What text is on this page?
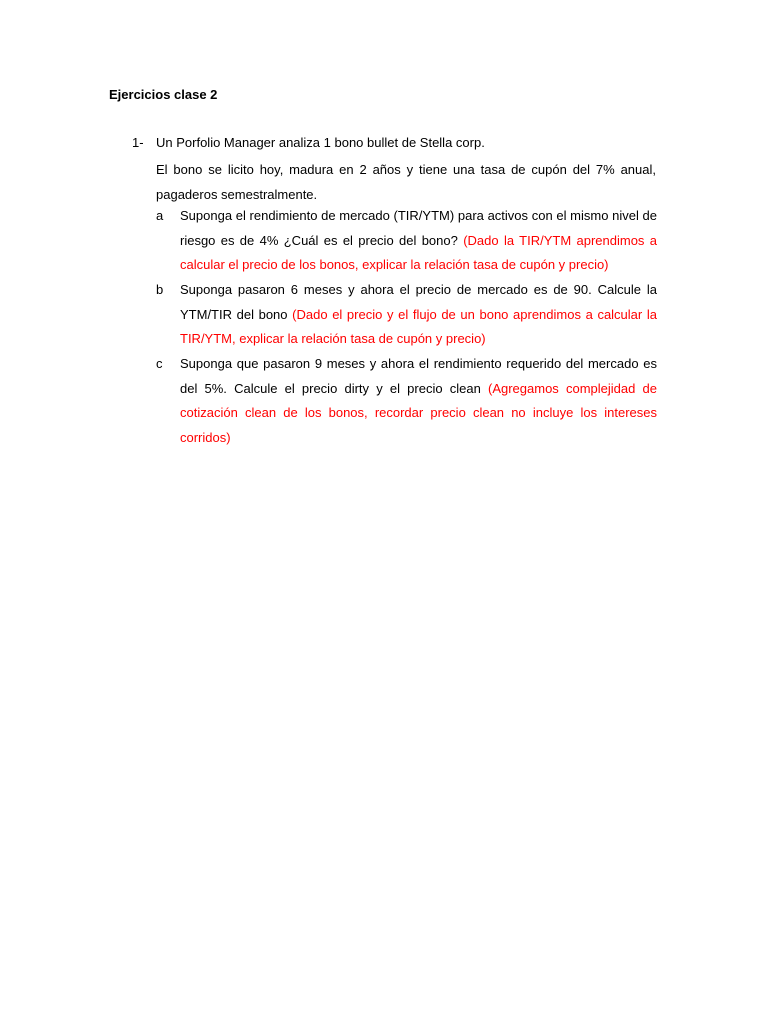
Ejercicios clase 2
1- Un Porfolio Manager analiza 1 bono bullet de Stella corp.
El bono se licito hoy, madura en 2 años y tiene una tasa de cupón del 7% anual, pagaderos semestralmente.
a	Suponga el rendimiento de mercado (TIR/YTM) para activos con el mismo nivel de riesgo es de 4% ¿Cuál es el precio del bono? (Dado la TIR/YTM aprendimos a calcular el precio de los bonos, explicar la relación tasa de cupón y precio)
b	Suponga pasaron 6 meses y ahora el precio de mercado es de 90. Calcule la YTM/TIR del bono (Dado el precio y el flujo de un bono aprendimos a calcular la TIR/YTM, explicar la relación tasa de cupón y precio)
c	Suponga que pasaron 9 meses y ahora el rendimiento requerido del mercado es del 5%. Calcule el precio dirty y el precio clean (Agregamos complejidad de cotización clean de los bonos, recordar precio clean no incluye los intereses corridos)
